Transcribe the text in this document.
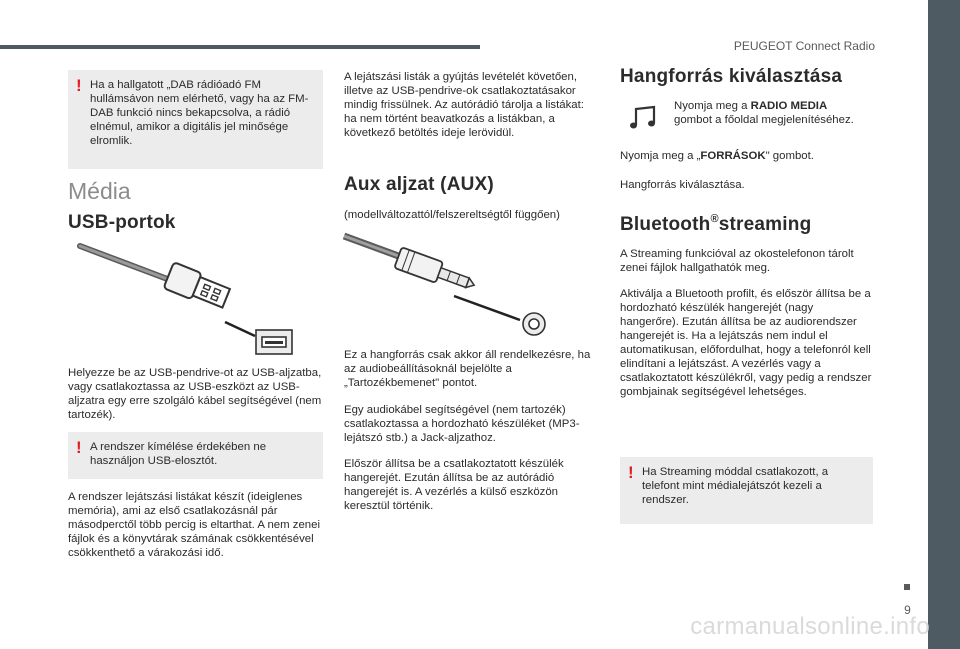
PEUGEOT Connect Radio
9
carmanualsonline.info
! Ha a hallgatott „DAB rádióadó FM hullámsávon nem elérhető, vagy ha az FM-DAB funkció nincs bekapcsolva, a rádió elnémul, amikor a digitális jel minősége elromlik.
Média
USB-portok
Helyezze be az USB-pendrive-ot az USB-aljzatba, vagy csatlakoztassa az USB-eszközt az USB-aljzatra egy erre szolgáló kábel segítségével (nem tartozék).
! A rendszer kímélése érdekében ne használjon USB-elosztót.
A rendszer lejátszási listákat készít (ideiglenes memória), ami az első csatlakozásnál pár másodperctől több percig is eltarthat. A nem zenei fájlok és a könyvtárak számának csökkentésével csökkenthető a várakozási idő.
A lejátszási listák a gyújtás levételét követően, illetve az USB-pendrive-ok csatlakoztatásakor mindig frissülnek. Az autórádió tárolja a listákat: ha nem történt beavatkozás a listákban, a következő betöltés ideje lerövidül.
Aux aljzat (AUX)
(modellváltozattól/felszereltségtől függően)
Ez a hangforrás csak akkor áll rendelkezésre, ha az audiobeállításoknál bejelölte a „Tartozékbemenet" pontot.
Egy audiokábel segítségével (nem tartozék) csatlakoztassa a hordozható készüléket (MP3-lejátszó stb.) a Jack-aljzathoz.
Először állítsa be a csatlakoztatott készülék hangerejét. Ezután állítsa be az autórádió hangerejét is. A vezérlés a külső eszközön keresztül történik.
Hangforrás kiválasztása
Nyomja meg a RADIO MEDIA
gombot a főoldal megjelenítéséhez.
Nyomja meg a „FORRÁSOK" gombot.
Hangforrás kiválasztása.
Bluetooth®streaming
A Streaming funkcióval az okostelefonon tárolt zenei fájlok hallgathatók meg.
Aktiválja a Bluetooth profilt, és először állítsa be a hordozható készülék hangerejét (nagy hangerőre). Ezután állítsa be az audiorendszer hangerejét is. Ha a lejátszás nem indul el automatikusan, előfordulhat, hogy a telefonról kell elindítani a lejátszást. A vezérlés vagy a csatlakoztatott készülékről, vagy pedig a rendszer gombjainak segítségével lehetséges.
! Ha Streaming móddal csatlakozott, a telefont mint médialejátszót kezeli a rendszer.
